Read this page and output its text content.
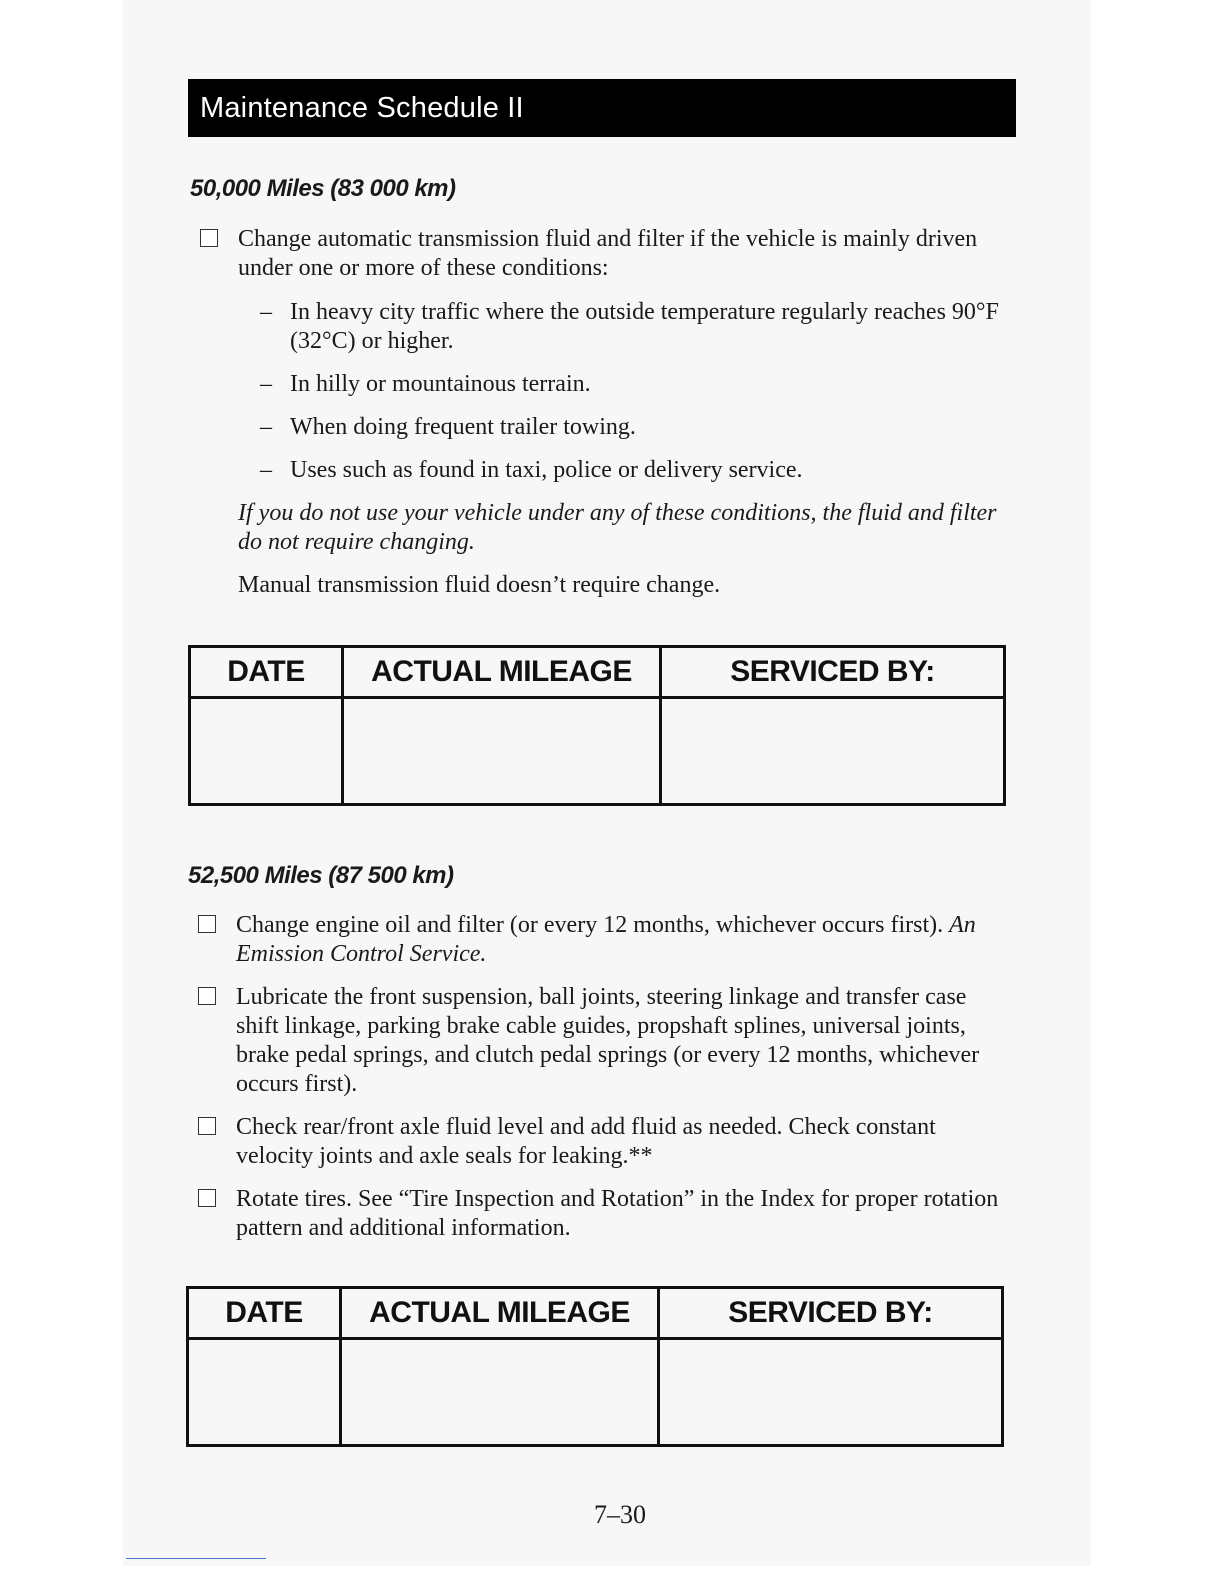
Maintenance Schedule II
50,000 Miles (83 000 km)
Change automatic transmission fluid and filter if the vehicle is mainly driven under one or more of these conditions:
– In heavy city traffic where the outside temperature regularly reaches 90°F (32°C) or higher.
– In hilly or mountainous terrain.
– When doing frequent trailer towing.
– Uses such as found in taxi, police or delivery service.

If you do not use your vehicle under any of these conditions, the fluid and filter do not require changing.

Manual transmission fluid doesn’t require change.

DATE	ACTUAL MILEAGE	SERVICED BY:

52,500 Miles (87 500 km)
Change engine oil and filter (or every 12 months, whichever occurs first). An Emission Control Service.
Lubricate the front suspension, ball joints, steering linkage and transfer case shift linkage, parking brake cable guides, propshaft splines, universal joints, brake pedal springs, and clutch pedal springs (or every 12 months, whichever occurs first).
Check rear/front axle fluid level and add fluid as needed. Check constant velocity joints and axle seals for leaking.**
Rotate tires. See “Tire Inspection and Rotation” in the Index for proper rotation pattern and additional information.
DATE	ACTUAL MILEAGE	SERVICED BY:

7–30
